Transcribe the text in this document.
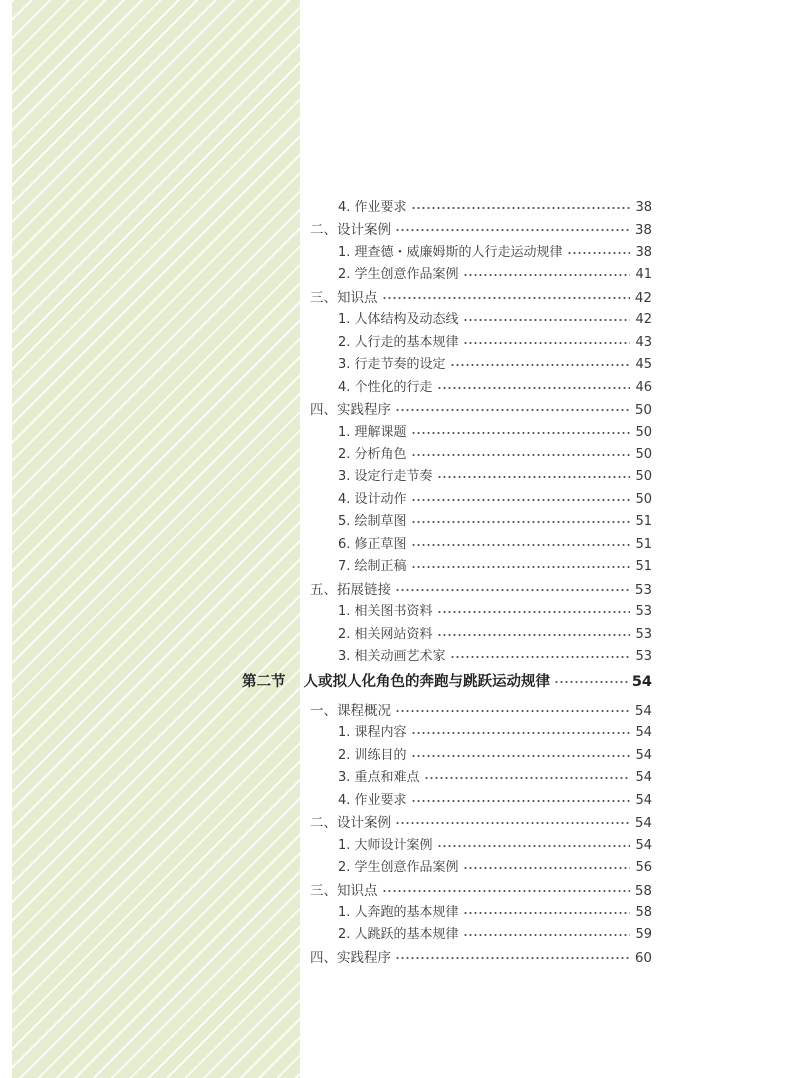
4. 作业要求	38
二、设计案例	38
1. 理查德・威廉姆斯的人行走运动规律	38
2. 学生创意作品案例	41
三、知识点	42
1. 人体结构及动态线	42
2. 人行走的基本规律	43
3. 行走节奏的设定	45
4. 个性化的行走	46
四、实践程序	50
1. 理解课题	50
2. 分析角色	50
3. 设定行走节奏	50
4. 设计动作	50
5. 绘制草图	51
6. 修正草图	51
7. 绘制正稿	51
五、拓展链接	53
1. 相关图书资料	53
2. 相关网站资料	53
3. 相关动画艺术家	53
第二节 人或拟人化角色的奔跑与跳跃运动规律	54
一、课程概况	54
1. 课程内容	54
2. 训练目的	54
3. 重点和难点	54
4. 作业要求	54
二、设计案例	54
1. 大师设计案例	54
2. 学生创意作品案例	56
三、知识点	58
1. 人奔跑的基本规律	58
2. 人跳跃的基本规律	59
四、实践程序	60
